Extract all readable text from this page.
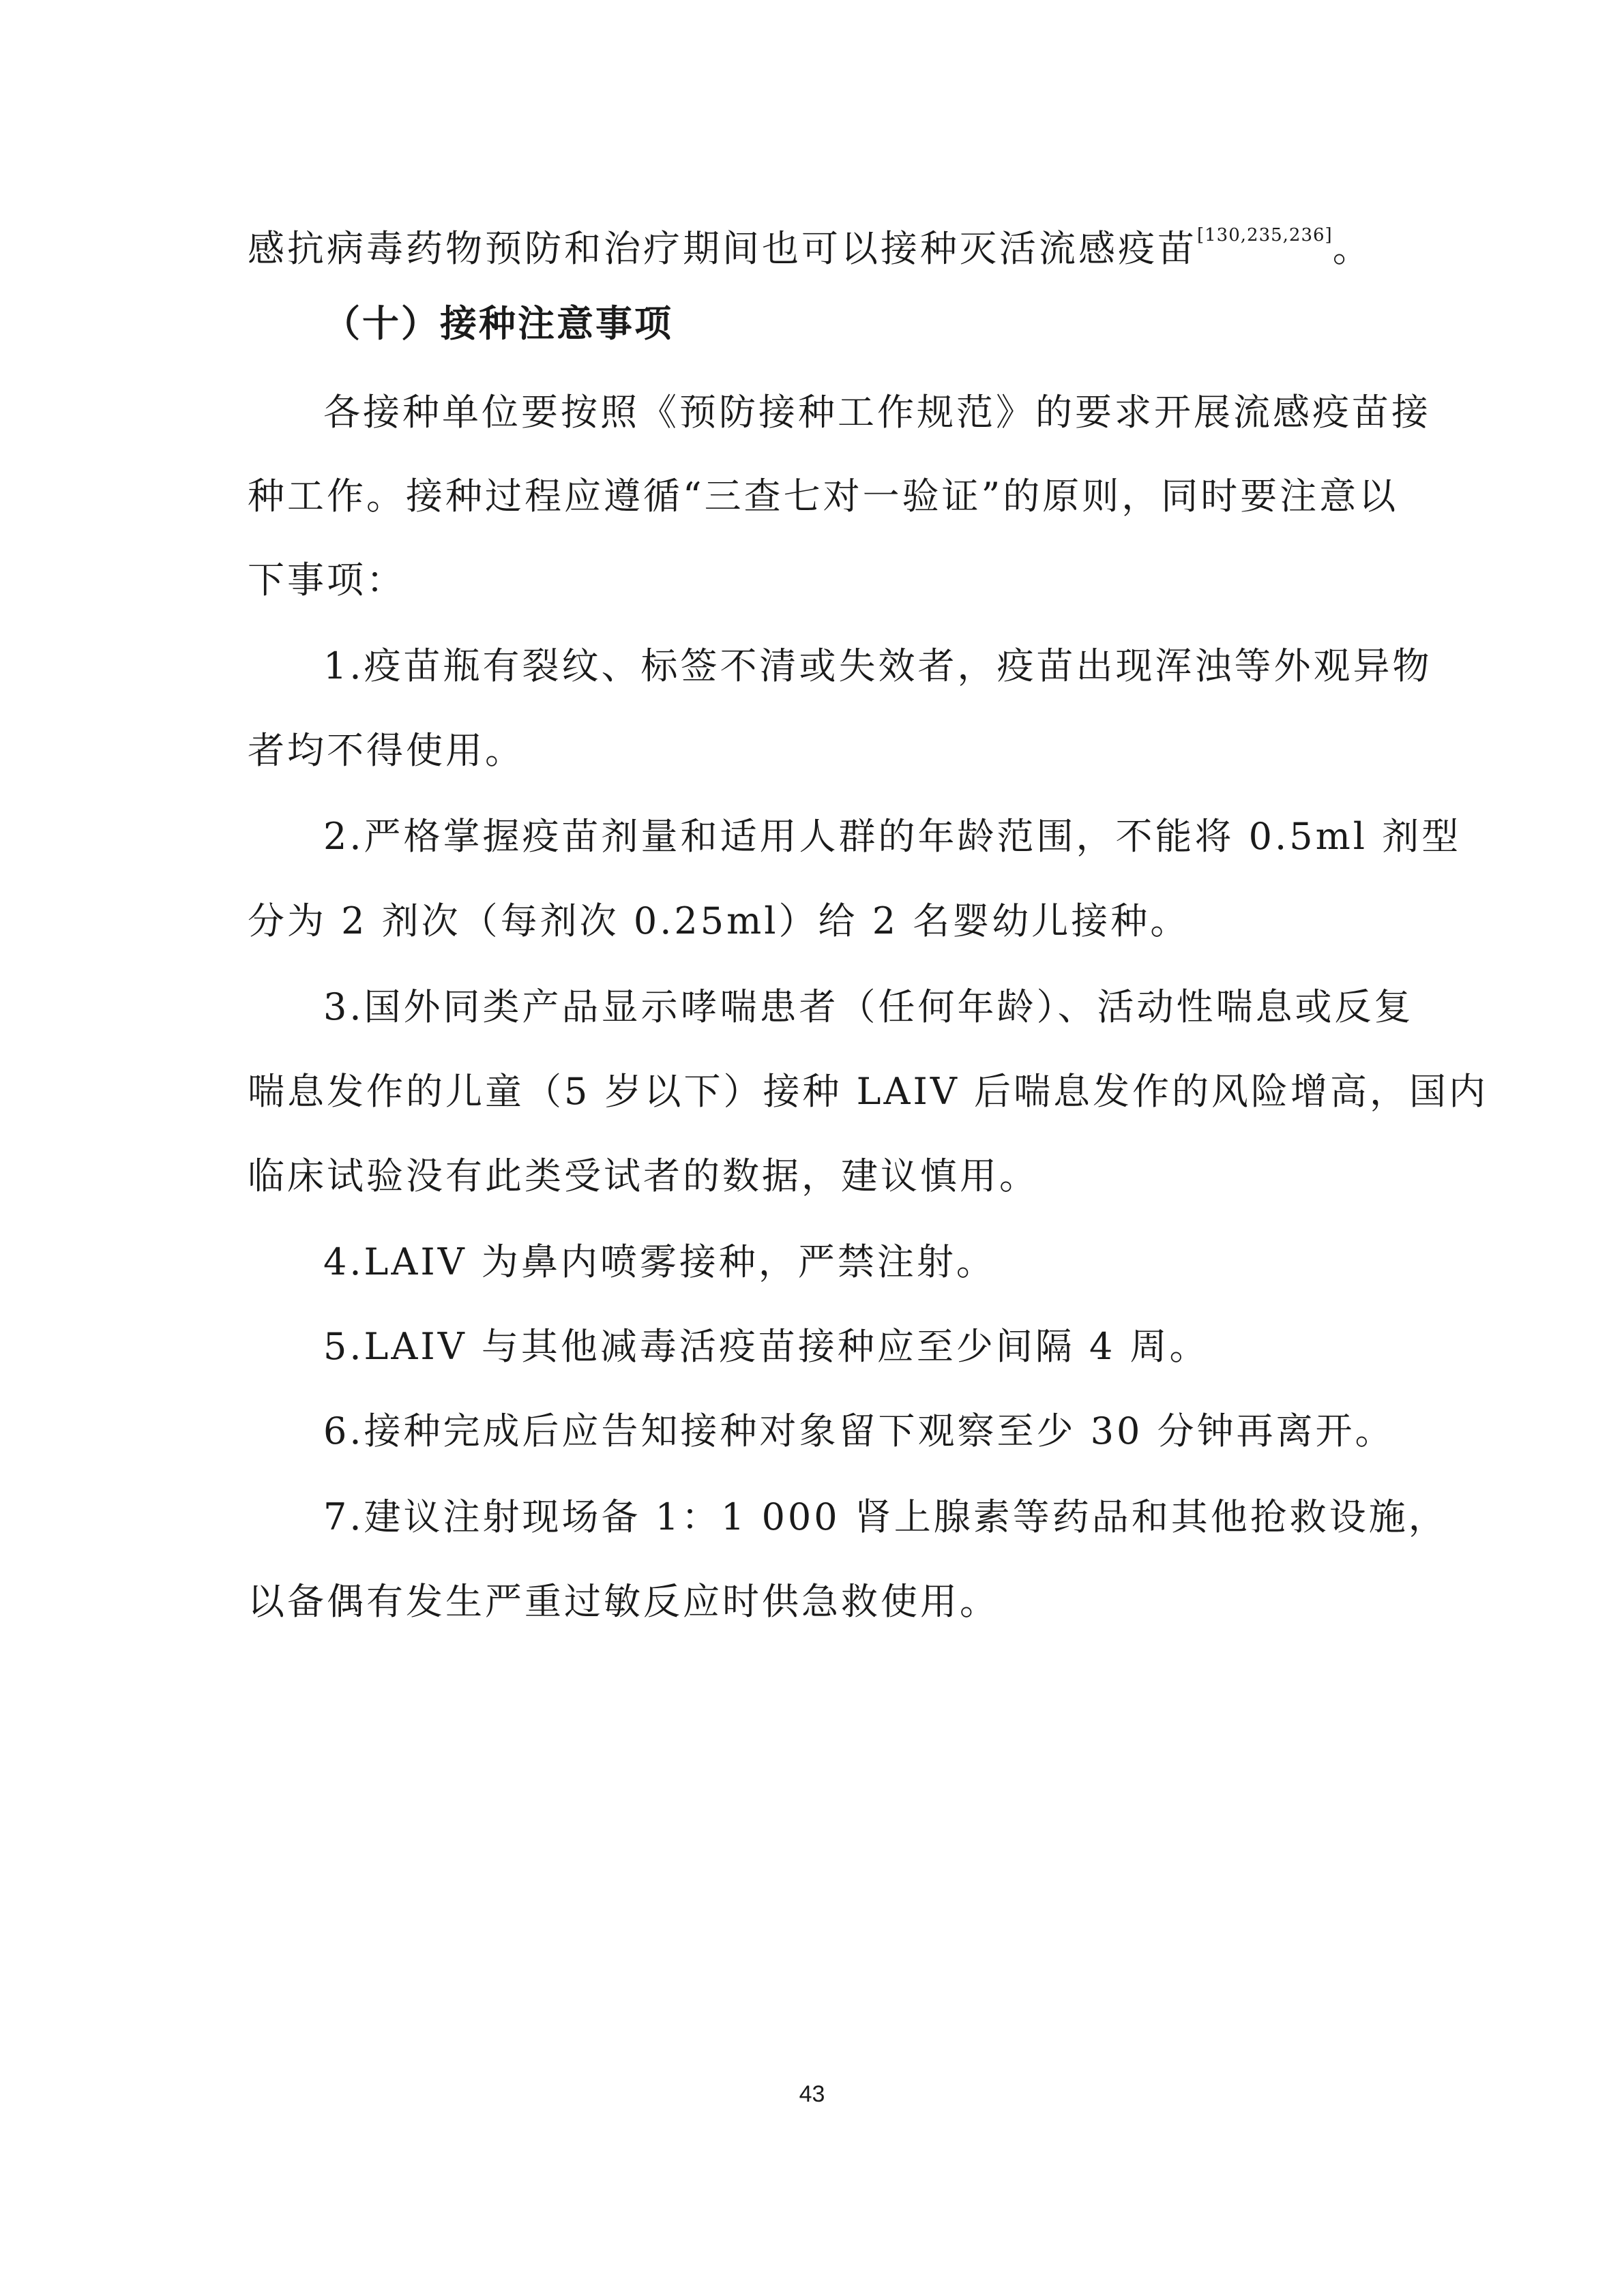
感抗病毒药物预防和治疗期间也可以接种灭活流感疫苗[130,235,236]。
（十）接种注意事项
各接种单位要按照《预防接种工作规范》的要求开展流感疫苗接
种工作。接种过程应遵循“三查七对一验证”的原则，同时要注意以
下事项：
1.疫苗瓶有裂纹、标签不清或失效者，疫苗出现浑浊等外观异物
者均不得使用。
2.严格掌握疫苗剂量和适用人群的年龄范围，不能将 0.5ml 剂型
分为 2 剂次（每剂次 0.25ml）给 2 名婴幼儿接种。
3.国外同类产品显示哮喘患者（任何年龄）、活动性喘息或反复
喘息发作的儿童（5 岁以下）接种 LAIV 后喘息发作的风险增高，国内
临床试验没有此类受试者的数据，建议慎用。
4.LAIV 为鼻内喷雾接种，严禁注射。
5.LAIV 与其他减毒活疫苗接种应至少间隔 4 周。
6.接种完成后应告知接种对象留下观察至少 30 分钟再离开。
7.建议注射现场备 1：1 000 肾上腺素等药品和其他抢救设施，
以备偶有发生严重过敏反应时供急救使用。
43
